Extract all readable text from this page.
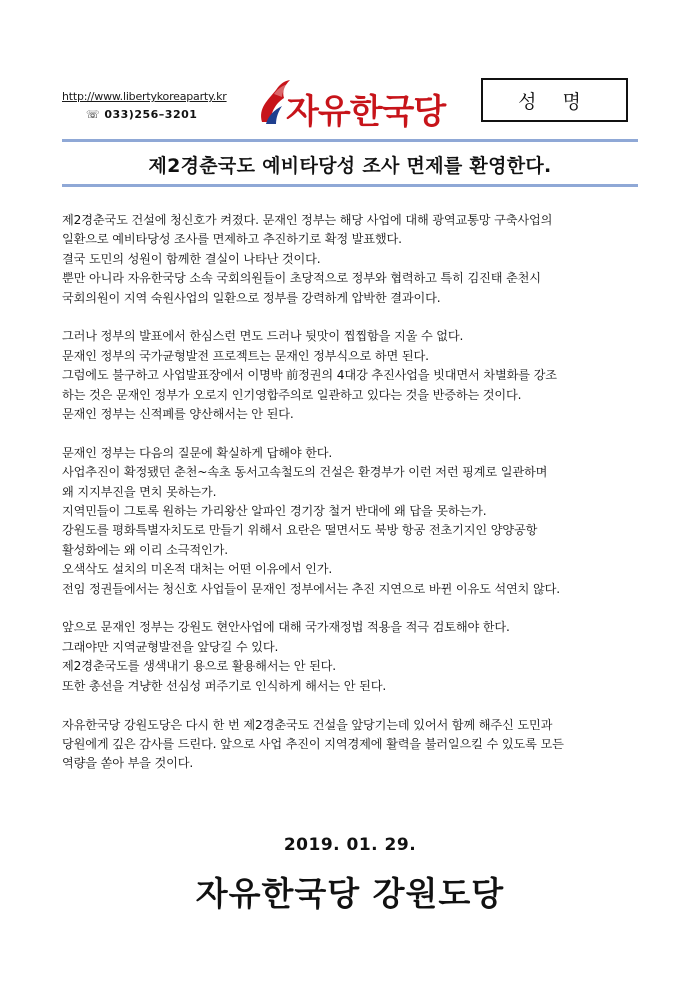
http://www.libertykoreaparty.kr
☏ 033)256–3201	자유한국당	성 명
제2경춘국도 예비타당성 조사 면제를 환영한다.
제2경춘국도 건설에 청신호가 켜졌다. 문재인 정부는 해당 사업에 대해 광역교통망 구축사업의
일환으로 예비타당성 조사를 면제하고 추진하기로 확정 발표했다.
결국 도민의 성원이 함께한 결실이 나타난 것이다.
뿐만 아니라 자유한국당 소속 국회의원들이 초당적으로 정부와 협력하고 특히 김진태 춘천시
국회의원이 지역 숙원사업의 일환으로 정부를 강력하게 압박한 결과이다.
그러나 정부의 발표에서 한심스런 면도 드러나 뒷맛이 찝찝함을 지울 수 없다.
문재인 정부의 국가균형발전 프로젝트는 문재인 정부식으로 하면 된다.
그럼에도 불구하고 사업발표장에서 이명박 前정권의 4대강 추진사업을 빗대면서 차별화를 강조
하는 것은 문재인 정부가 오로지 인기영합주의로 일관하고 있다는 것을 반증하는 것이다.
문재인 정부는 신적폐를 양산해서는 안 된다.
문재인 정부는 다음의 질문에 확실하게 답해야 한다.
사업추진이 확정됐던 춘천~속초 동서고속철도의 건설은 환경부가 이런 저런 핑계로 일관하며
왜 지지부진을 면치 못하는가.
지역민들이 그토록 원하는 가리왕산 알파인 경기장 철거 반대에 왜 답을 못하는가.
강원도를 평화특별자치도로 만들기 위해서 요란은 떨면서도 북방 항공 전초기지인 양양공항
활성화에는 왜 이리 소극적인가.
오색삭도 설치의 미온적 대처는 어떤 이유에서 인가.
전임 정권들에서는 청신호 사업들이 문재인 정부에서는 추진 지연으로 바뀐 이유도 석연치 않다.
앞으로 문재인 정부는 강원도 현안사업에 대해 국가재정법 적용을 적극 검토해야 한다.
그래야만 지역균형발전을 앞당길 수 있다.
제2경춘국도를 생색내기 용으로 활용해서는 안 된다.
또한 총선을 겨냥한 선심성 퍼주기로 인식하게 해서는 안 된다.
자유한국당 강원도당은 다시 한 번 제2경춘국도 건설을 앞당기는데 있어서 함께 해주신 도민과
당원에게 깊은 감사를 드린다. 앞으로 사업 추진이 지역경제에 활력을 불러일으킬 수 있도록 모든
역량을 쏟아 부을 것이다.
2019. 01. 29.
자유한국당 강원도당
